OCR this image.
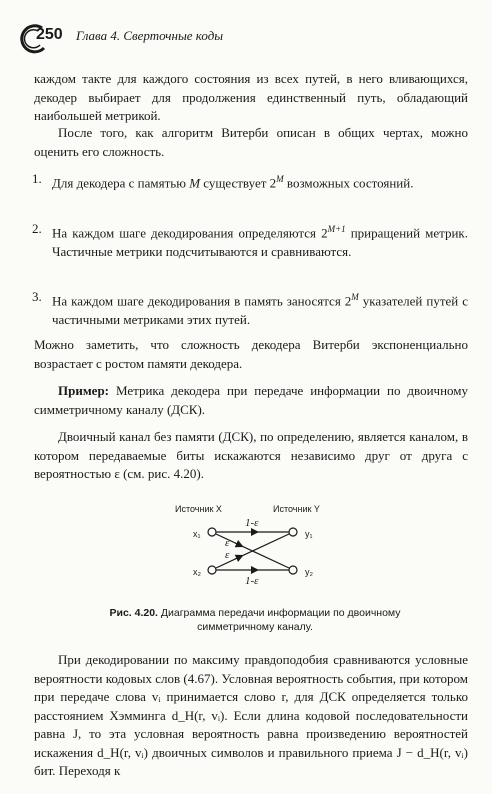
250 Глава 4. Сверточные коды
каждом такте для каждого состояния из всех путей, в него вливающихся, декодер выбирает для продолжения единственный путь, обладающий наибольшей метрикой.
После того, как алгоритм Витерби описан в общих чертах, можно оценить его сложность.
1. Для декодера с памятью M существует $2^M$ возможных состояний.
2. На каждом шаге декодирования определяются $2^{M+1}$ приращений метрик. Частичные метрики подсчитываются и сравниваются.
3. На каждом шаге декодирования в память заносятся $2^M$ указателей путей с частичными метриками этих путей.
Можно заметить, что сложность декодера Витерби экспоненциально возрастает с ростом памяти декодера.
Пример: Метрика декодера при передаче информации по двоичному симметричному каналу (ДСК).
Двоичный канал без памяти (ДСК), по определению, является каналом, в котором передаваемые биты искажаются независимо друг от друга с вероятностью ε (см. рис. 4.20).
Источник X	Источник Y
x₁
x₂
y₁
y₂
1-ε
1-ε
ε
ε
Рис. 4.20. Диаграмма передачи информации по двоичному симметричному каналу.
При декодировании по максиму правдоподобия сравниваются условные вероятности кодовых слов (4.67). Условная вероятность события, при котором при передаче слова vᵢ принимается слово r, для ДСК определяется только расстоянием Хэмминга d_H(r, vᵢ). Если длина кодовой последовательности равна J, то эта условная вероятность равна произведению вероятностей искажения d_H(r, vᵢ) двоичных символов и правильного приема J − d_H(r, vᵢ) бит. Переходя к
